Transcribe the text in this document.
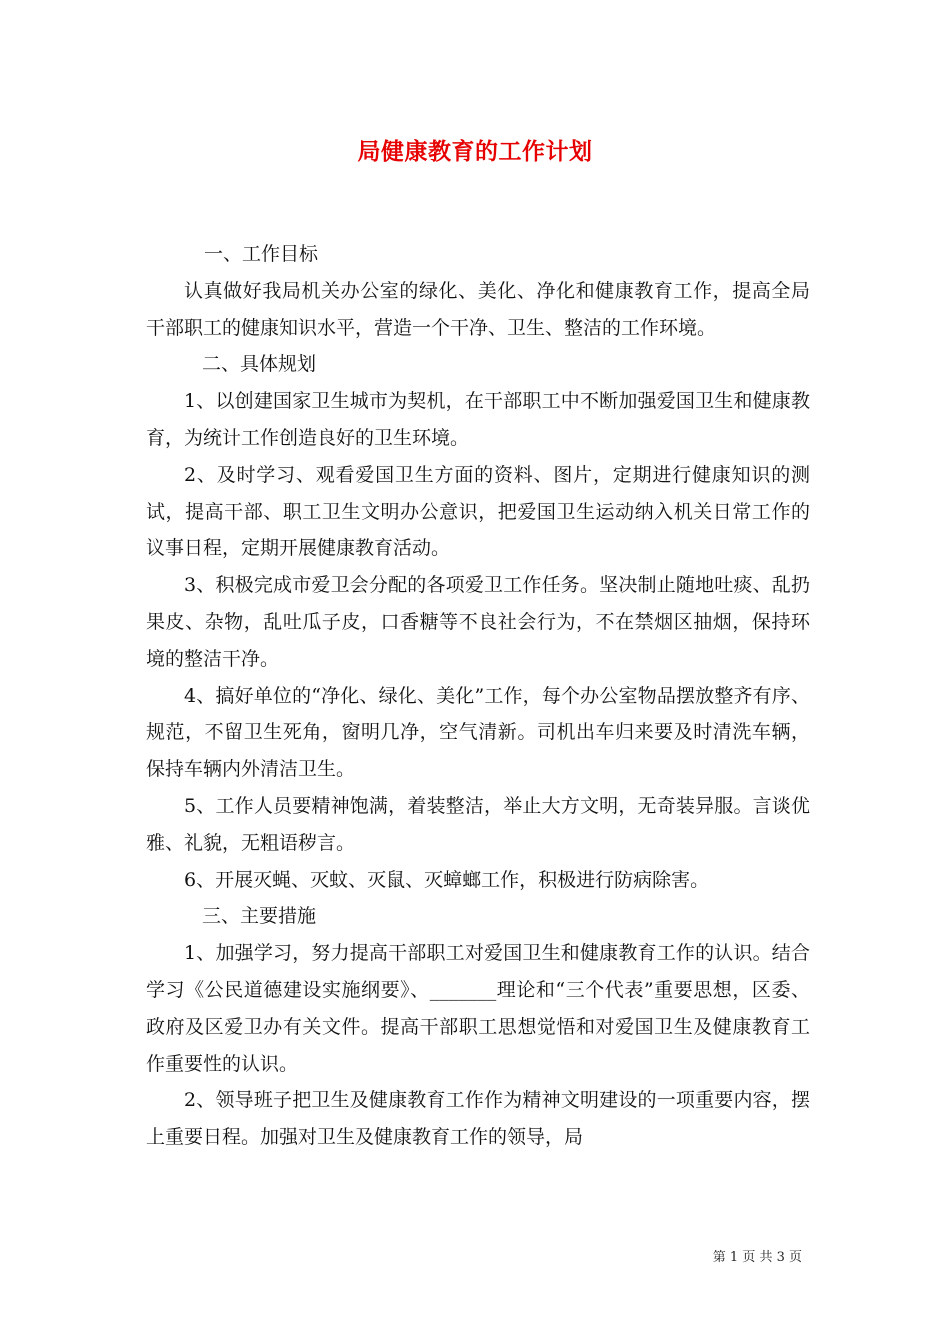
局健康教育的工作计划

一、工作目标

认真做好我局机关办公室的绿化、美化、净化和健康教育工作，提高全局干部职工的健康知识水平，营造一个干净、卫生、整洁的工作环境。

二、具体规划

1、以创建国家卫生城市为契机，在干部职工中不断加强爱国卫生和健康教育，为统计工作创造良好的卫生环境。

2、及时学习、观看爱国卫生方面的资料、图片，定期进行健康知识的测试，提高干部、职工卫生文明办公意识，把爱国卫生运动纳入机关日常工作的议事日程，定期开展健康教育活动。

3、积极完成市爱卫会分配的各项爱卫工作任务。坚决制止随地吐痰、乱扔果皮、杂物，乱吐瓜子皮，口香糖等不良社会行为，不在禁烟区抽烟，保持环境的整洁干净。

4、搞好单位的“净化、绿化、美化”工作，每个办公室物品摆放整齐有序、规范，不留卫生死角，窗明几净，空气清新。司机出车归来要及时清洗车辆，保持车辆内外清洁卫生。

5、工作人员要精神饱满，着装整洁，举止大方文明，无奇装异服。言谈优雅、礼貌，无粗语秽言。

6、开展灭蝇、灭蚊、灭鼠、灭蟑螂工作，积极进行防病除害。

三、主要措施

1、加强学习，努力提高干部职工对爱国卫生和健康教育工作的认识。结合学习《公民道德建设实施纲要》、_______理论和“三个代表”重要思想，区委、政府及区爱卫办有关文件。提高干部职工思想觉悟和对爱国卫生及健康教育工作重要性的认识。

2、领导班子把卫生及健康教育工作作为精神文明建设的一项重要内容，摆上重要日程。加强对卫生及健康教育工作的领导，局

第 1 页 共 3 页
